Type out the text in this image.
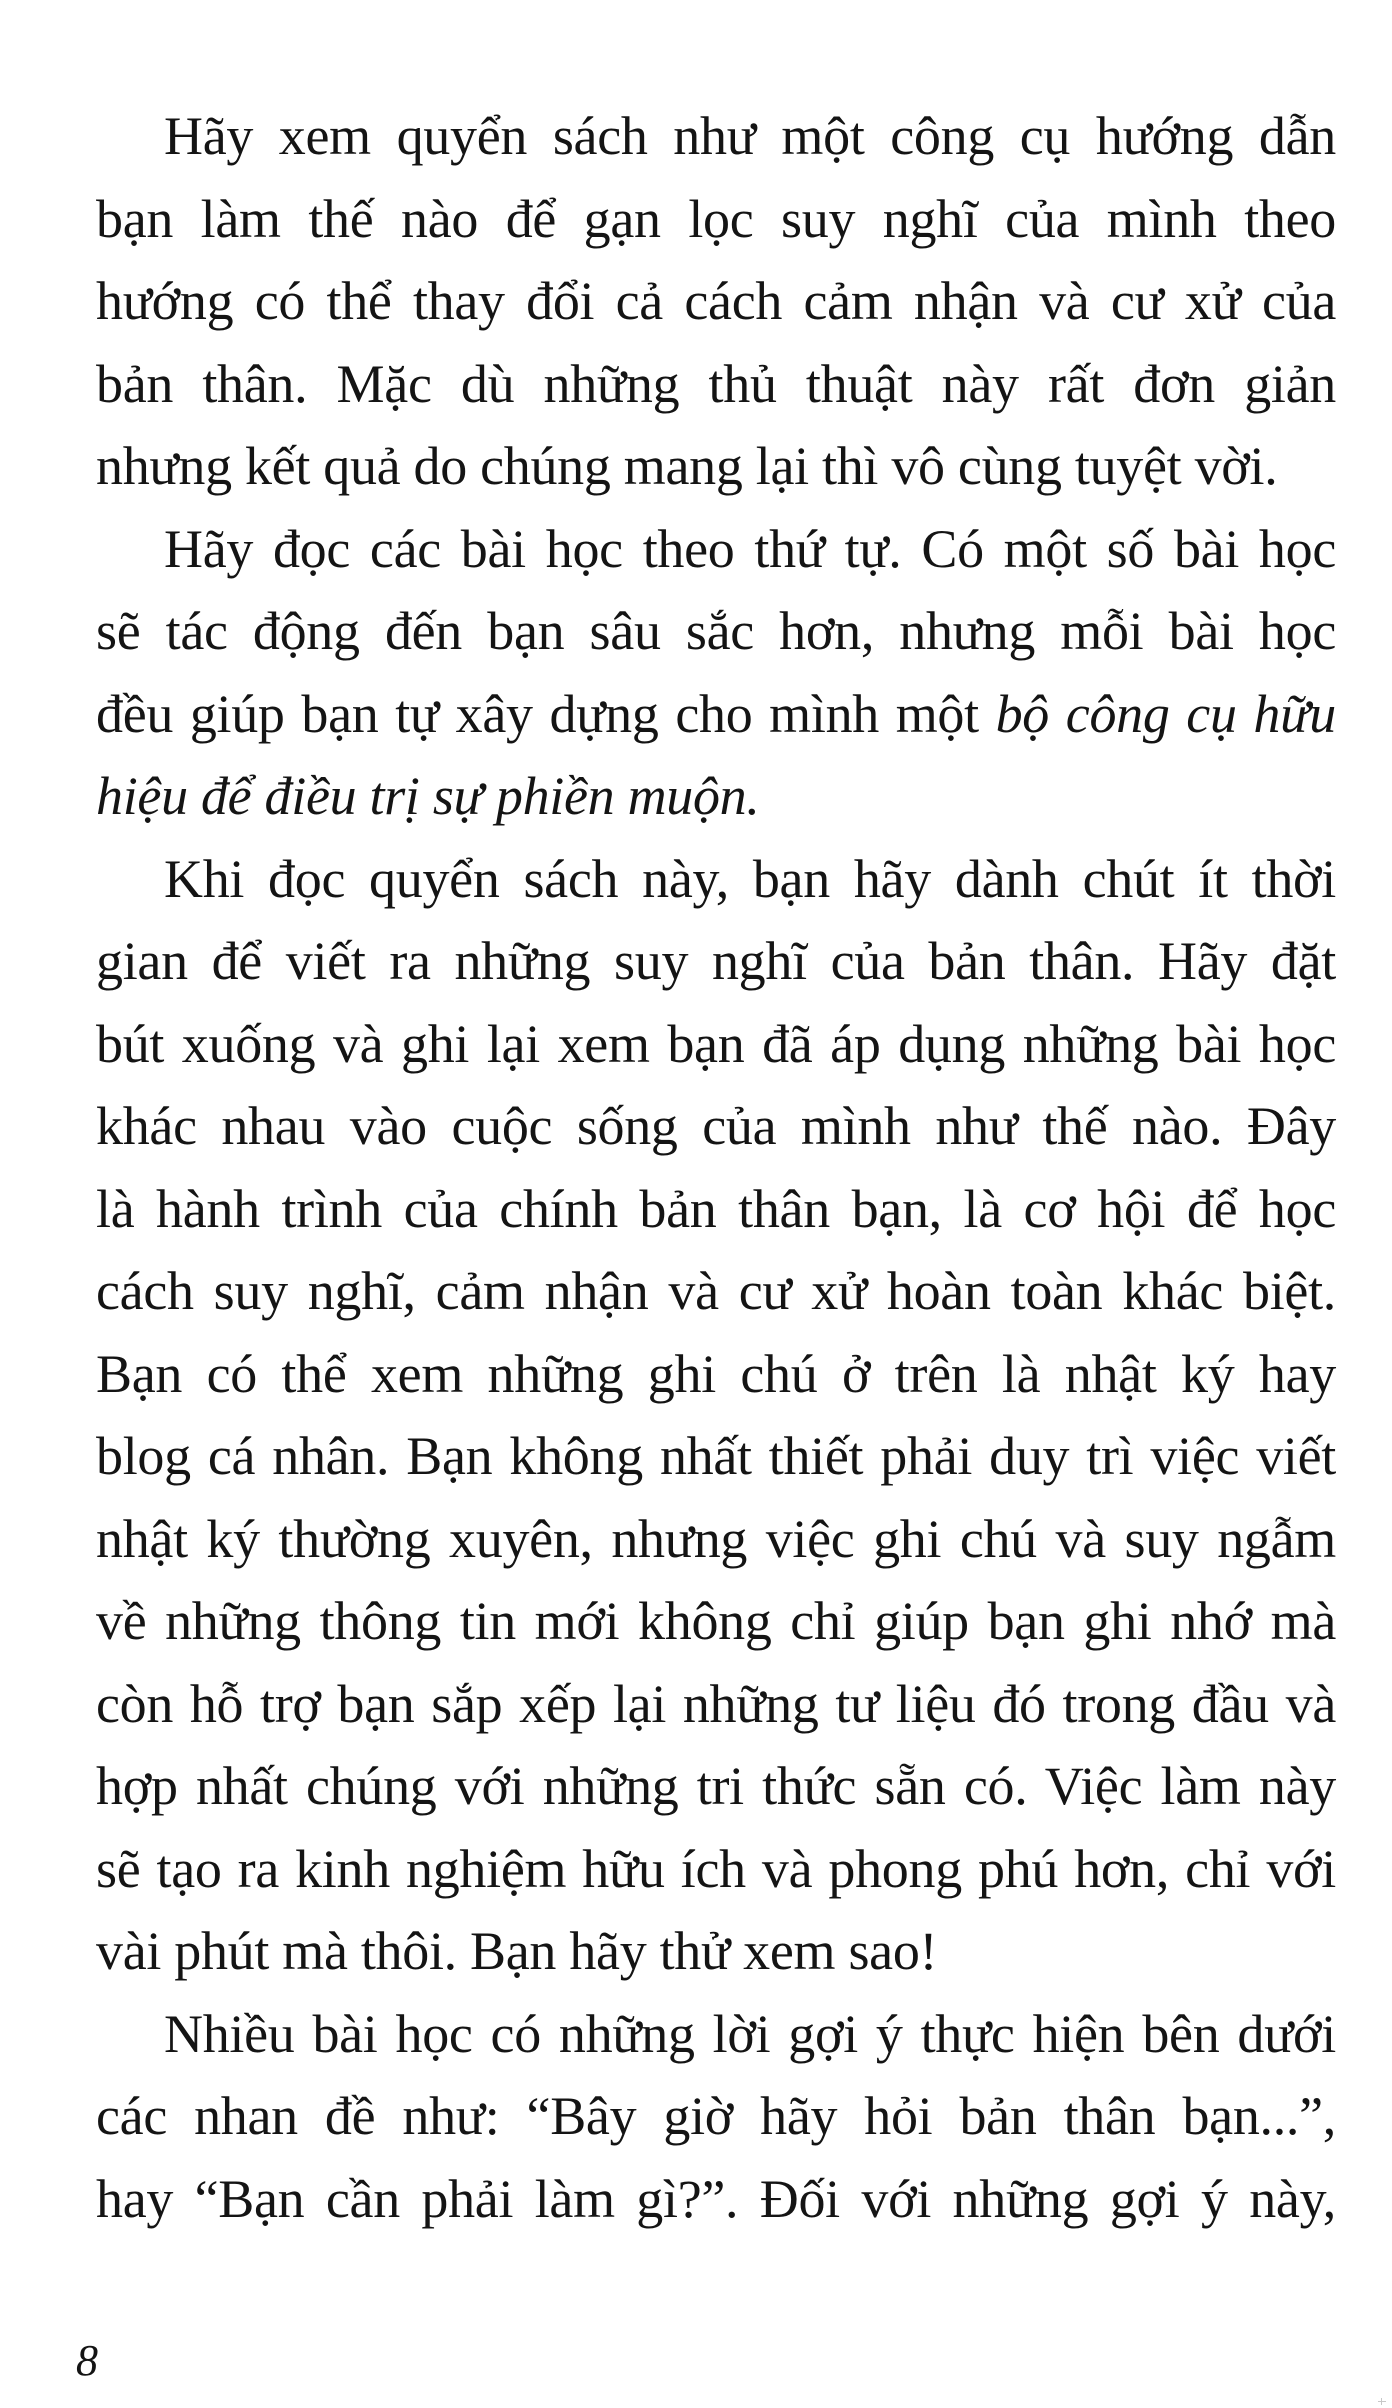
Hãy xem quyển sách như một công cụ hướng dẫn
bạn làm thế nào để gạn lọc suy nghĩ của mình theo
hướng có thể thay đổi cả cách cảm nhận và cư xử của
bản thân. Mặc dù những thủ thuật này rất đơn giản
nhưng kết quả do chúng mang lại thì vô cùng tuyệt vời.
Hãy đọc các bài học theo thứ tự. Có một số bài học
sẽ tác động đến bạn sâu sắc hơn, nhưng mỗi bài học
đều giúp bạn tự xây dựng cho mình một bộ công cụ hữu
hiệu để điều trị sự phiền muộn.
Khi đọc quyển sách này, bạn hãy dành chút ít thời
gian để viết ra những suy nghĩ của bản thân. Hãy đặt
bút xuống và ghi lại xem bạn đã áp dụng những bài học
khác nhau vào cuộc sống của mình như thế nào. Đây
là hành trình của chính bản thân bạn, là cơ hội để học
cách suy nghĩ, cảm nhận và cư xử hoàn toàn khác biệt.
Bạn có thể xem những ghi chú ở trên là nhật ký hay
blog cá nhân. Bạn không nhất thiết phải duy trì việc viết
nhật ký thường xuyên, nhưng việc ghi chú và suy ngẫm
về những thông tin mới không chỉ giúp bạn ghi nhớ mà
còn hỗ trợ bạn sắp xếp lại những tư liệu đó trong đầu và
hợp nhất chúng với những tri thức sẵn có. Việc làm này
sẽ tạo ra kinh nghiệm hữu ích và phong phú hơn, chỉ với
vài phút mà thôi. Bạn hãy thử xem sao!
Nhiều bài học có những lời gợi ý thực hiện bên dưới
các nhan đề như: “Bây giờ hãy hỏi bản thân bạn...”,
hay “Bạn cần phải làm gì?”. Đối với những gợi ý này,
8
